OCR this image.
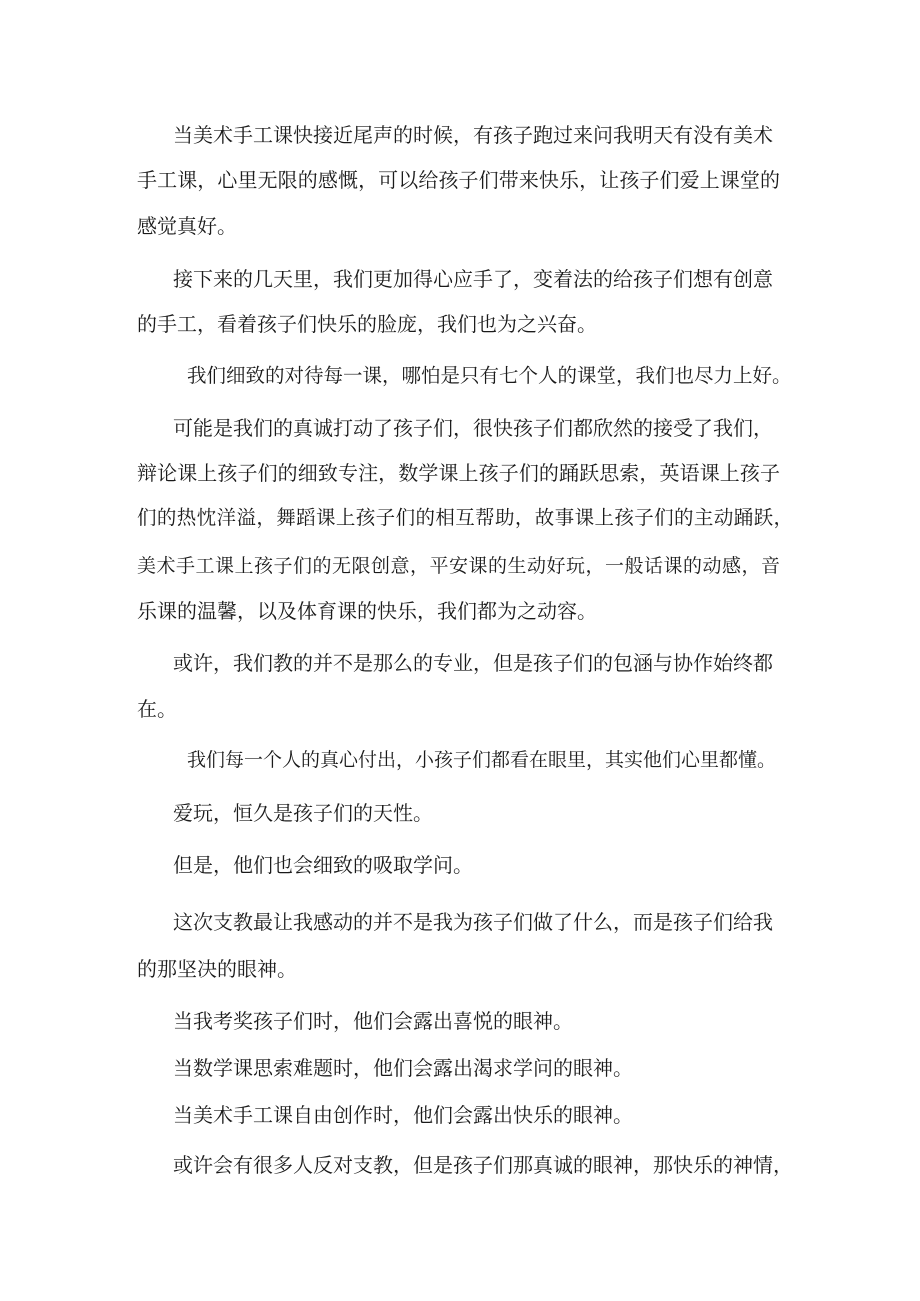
当美术手工课快接近尾声的时候，有孩子跑过来问我明天有没有美术

手工课，心里无限的感慨，可以给孩子们带来快乐，让孩子们爱上课堂的

感觉真好。

接下来的几天里，我们更加得心应手了，变着法的给孩子们想有创意

的手工，看着孩子们快乐的脸庞，我们也为之兴奋。

我们细致的对待每一课，哪怕是只有七个人的课堂，我们也尽力上好。

可能是我们的真诚打动了孩子们，很快孩子们都欣然的接受了我们，

辩论课上孩子们的细致专注，数学课上孩子们的踊跃思索，英语课上孩子

们的热忱洋溢，舞蹈课上孩子们的相互帮助，故事课上孩子们的主动踊跃，

美术手工课上孩子们的无限创意，平安课的生动好玩，一般话课的动感，音

乐课的温馨，以及体育课的快乐，我们都为之动容。

或许，我们教的并不是那么的专业，但是孩子们的包涵与协作始终都

在。

我们每一个人的真心付出，小孩子们都看在眼里，其实他们心里都懂。

爱玩，恒久是孩子们的天性。

但是，他们也会细致的吸取学问。

这次支教最让我感动的并不是我为孩子们做了什么，而是孩子们给我

的那坚决的眼神。

当我考奖孩子们时，他们会露出喜悦的眼神。

当数学课思索难题时，他们会露出渴求学问的眼神。

当美术手工课自由创作时，他们会露出快乐的眼神。

或许会有很多人反对支教，但是孩子们那真诚的眼神，那快乐的神情，
